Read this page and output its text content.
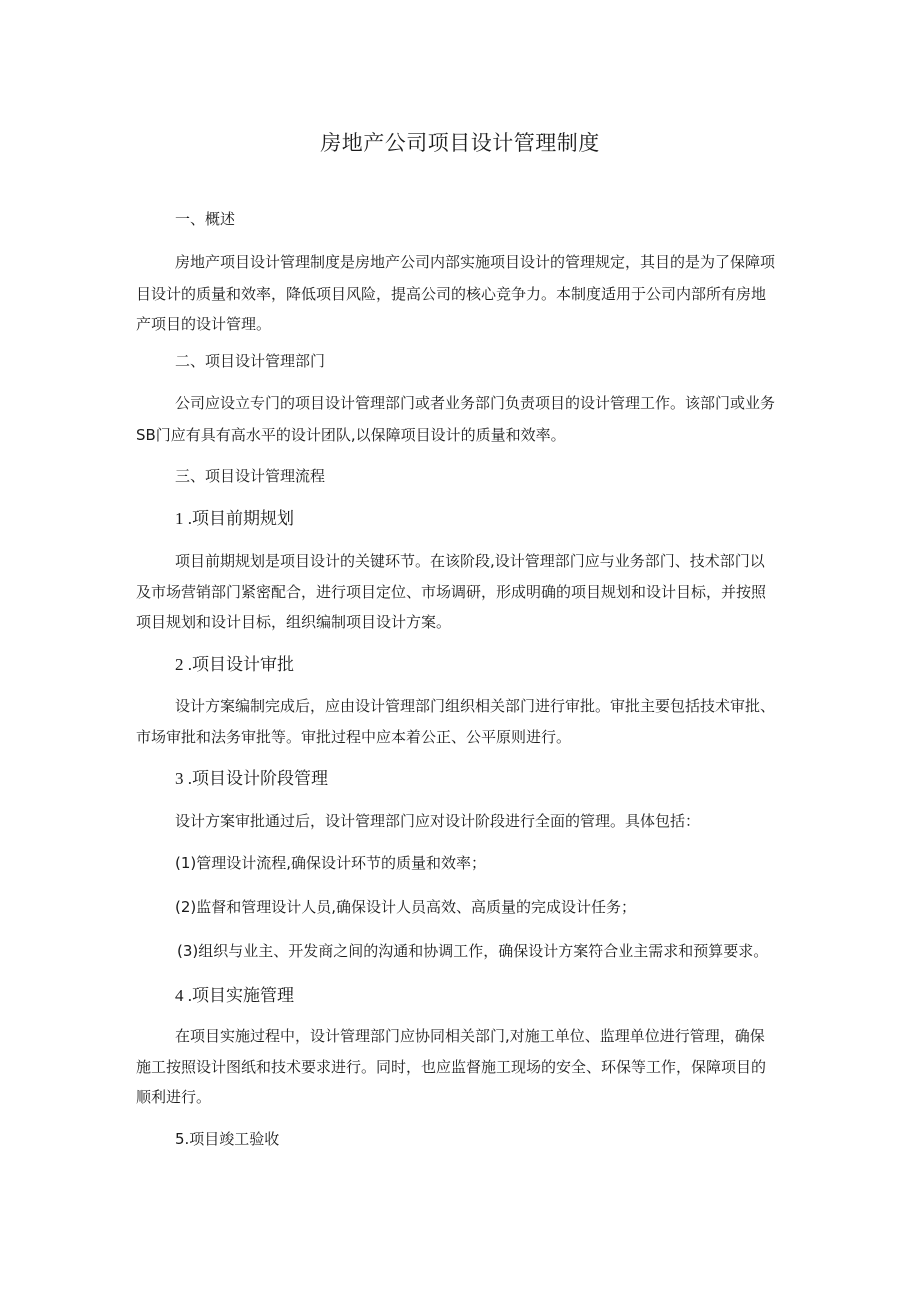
房地产公司项目设计管理制度
一、概述
房地产项目设计管理制度是房地产公司内部实施项目设计的管理规定，其目的是为了保障项
目设计的质量和效率，降低项目风险，提高公司的核心竞争力。本制度适用于公司内部所有房地
产项目的设计管理。
二、项目设计管理部门
公司应设立专门的项目设计管理部门或者业务部门负责项目的设计管理工作。该部门或业务
SB门应有具有高水平的设计团队,以保障项目设计的质量和效率。
三、项目设计管理流程
1 .项目前期规划
项目前期规划是项目设计的关键环节。在该阶段,设计管理部门应与业务部门、技术部门以
及市场营销部门紧密配合，进行项目定位、市场调研，形成明确的项目规划和设计目标，并按照
项目规划和设计目标，组织编制项目设计方案。
2 .项目设计审批
设计方案编制完成后，应由设计管理部门组织相关部门进行审批。审批主要包括技术审批、
市场审批和法务审批等。审批过程中应本着公正、公平原则进行。
3 .项目设计阶段管理
设计方案审批通过后，设计管理部门应对设计阶段进行全面的管理。具体包括：
(1)管理设计流程,确保设计环节的质量和效率；
(2)监督和管理设计人员,确保设计人员高效、高质量的完成设计任务；
(3)组织与业主、开发商之间的沟通和协调工作，确保设计方案符合业主需求和预算要求。
4 .项目实施管理
在项目实施过程中，设计管理部门应协同相关部门,对施工单位、监理单位进行管理，确保
施工按照设计图纸和技术要求进行。同时，也应监督施工现场的安全、环保等工作，保障项目的
顺利进行。
5.项目竣工验收
